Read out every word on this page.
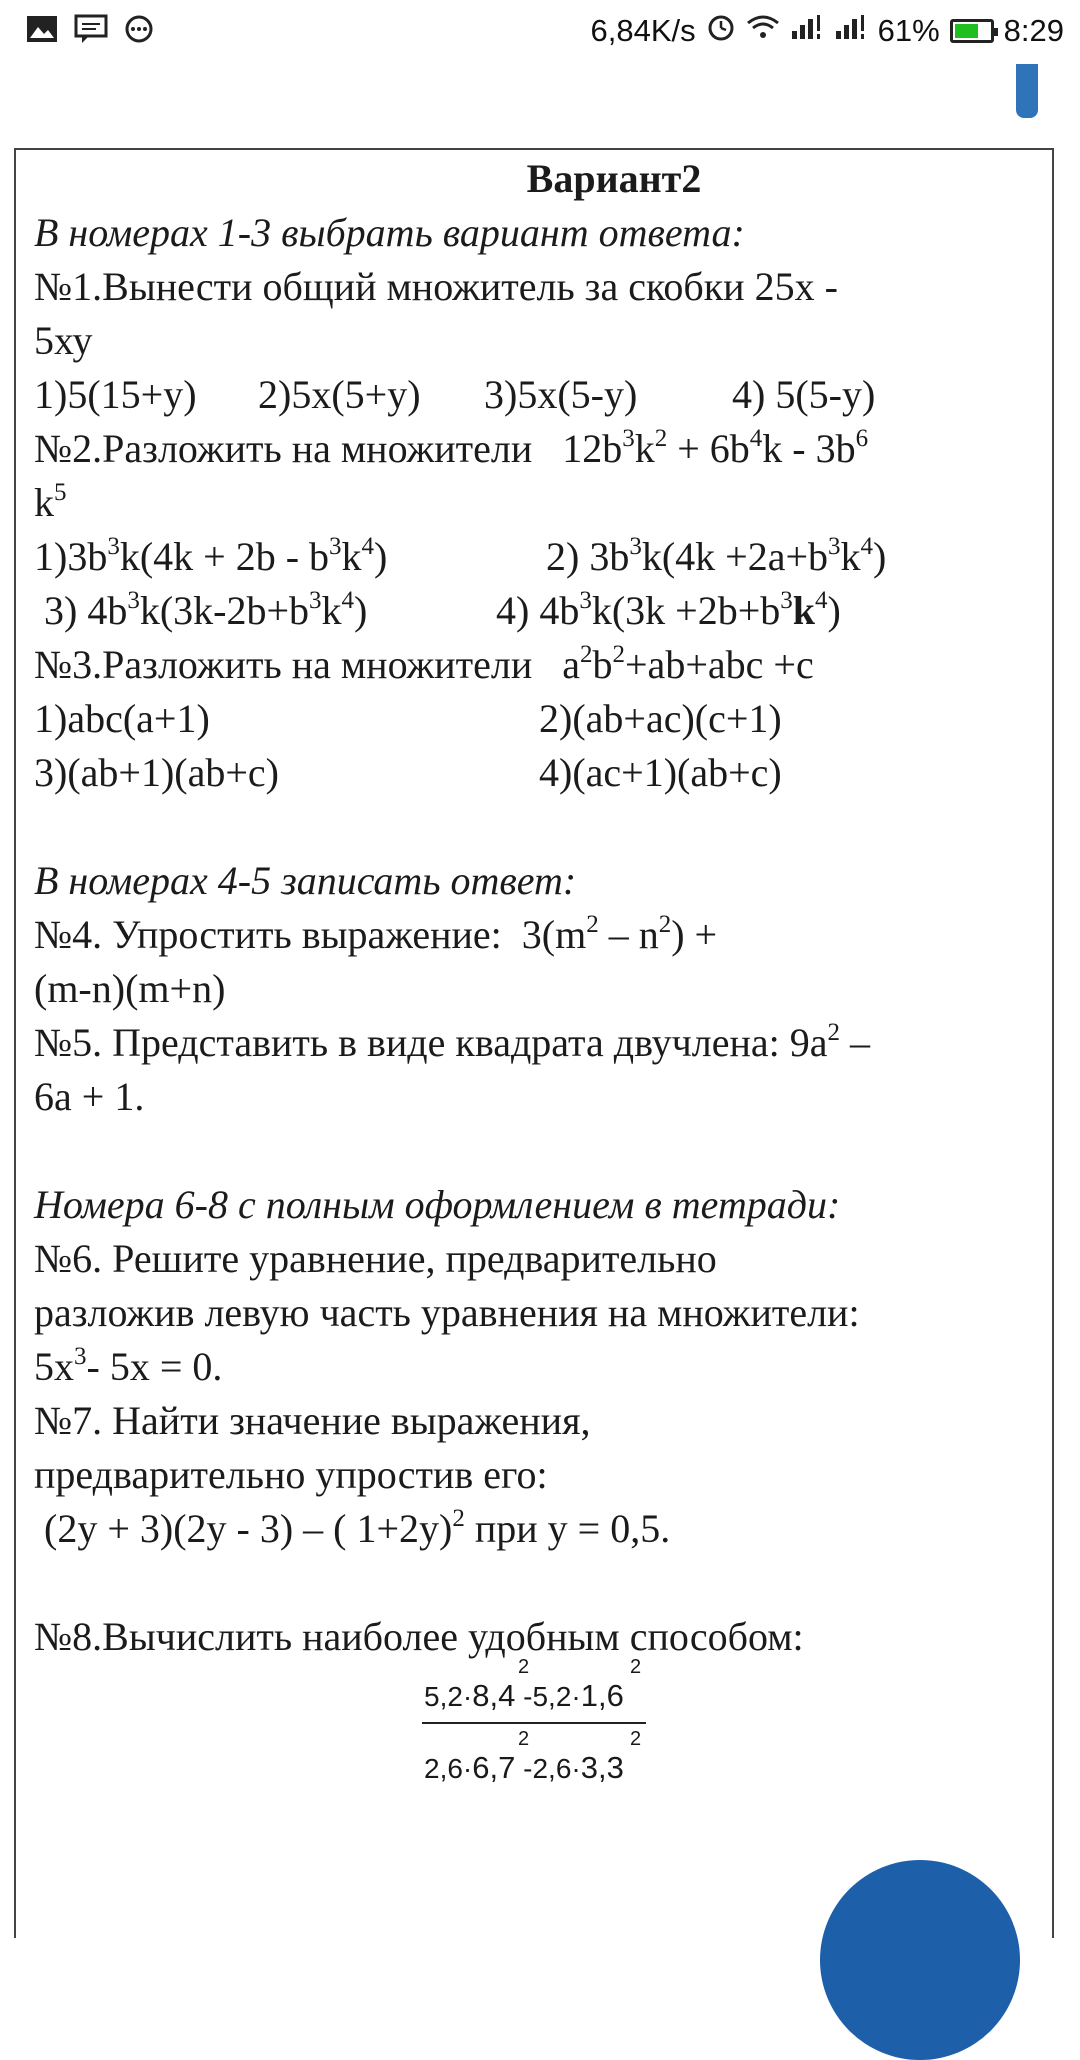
6,84K/s	61% 8:29
Вариант2
В номерах 1-3 выбрать вариант ответа:
№1.Вынести общий множитель за скобки 25х -
5ху
1)5(15+у) 2)5х(5+у) 3)5х(5-у) 4) 5(5-у)
№2.Разложить на множители   $12b^3k^2 + 6b^4k - 3b^6$
$k^5$
$1)3b^3k(4k + 2b - b^3k^4)$	2) $3b^3k(4k +2a+b^3k^4)$
3) $4b^3k(3k-2b+b^3k^4)$	4) $4b^3k(3k +2b+b^3k^4)$
№3.Разложить на множители   $a^2b^2+ab+abc +c$
1)abc(a+1)	2)(ab+ac)(c+1)
3)(ab+1)(ab+c)	4)(ac+1)(ab+c)
В номерах 4-5 записать ответ:
№4. Упростить выражение:  $3(m^2 - n^2)$ +
(m-n)(m+n)
№5. Представить в виде квадрата двучлена: $9a^2$ –
6a + 1.
Номера 6-8 с полным оформлением в тетради:
№6. Решите уравнение, предварительно
разложив левую часть уравнения на множители:
$5x^3-$ 5x = 0.
№7. Найти значение выражения,
предварительно упростив его:
(2y + 3)(2y - 3) – ( 1+2y)$^2$ при y = 0,5.
№8.Вычислить наиболее удобным способом:
2	2
5,2·8,4 -5,2·1,6
2	2
2,6·6,7 -2,6·3,3
